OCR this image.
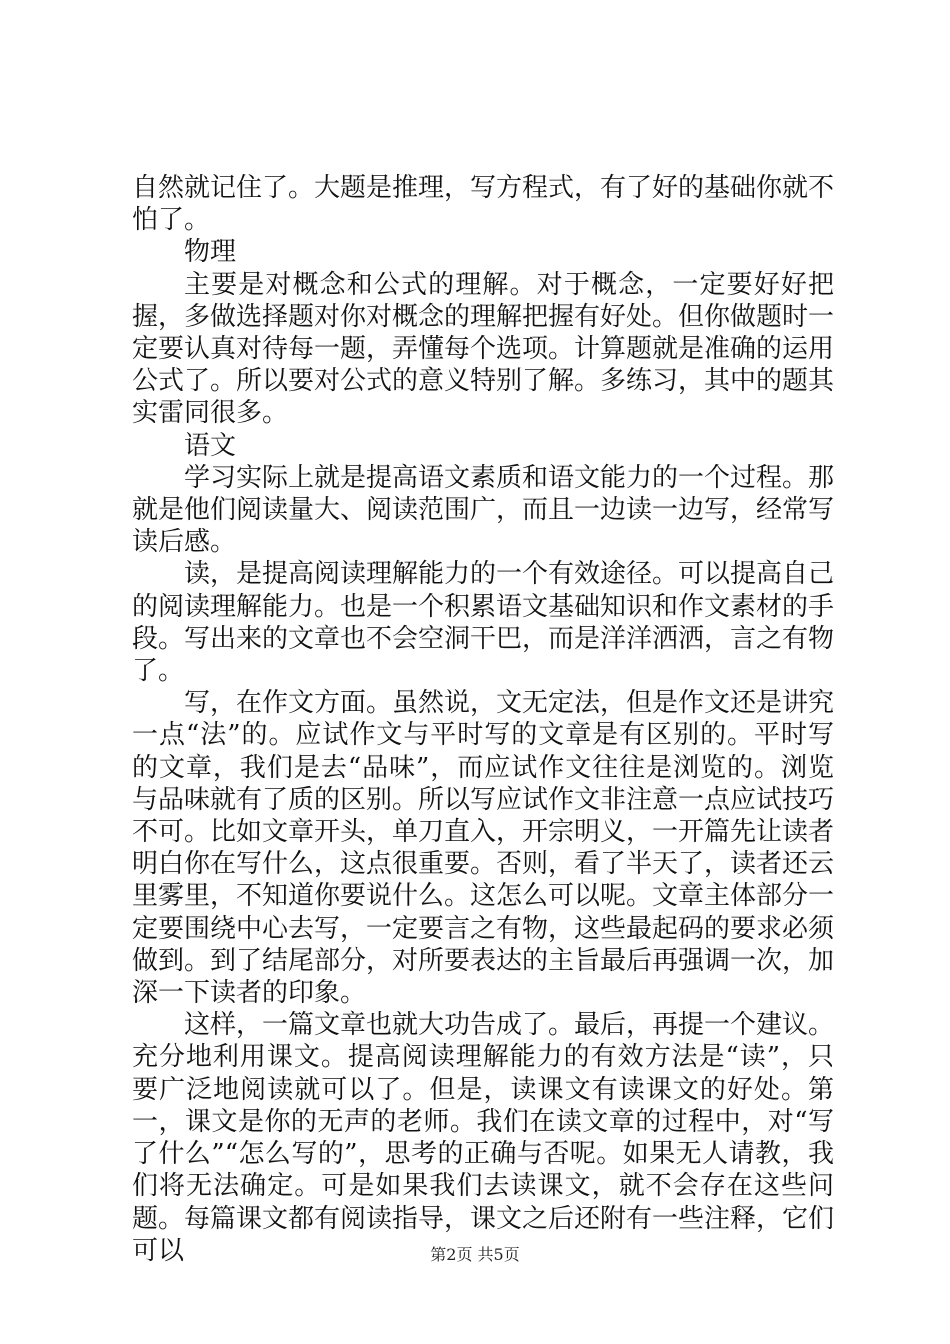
自然就记住了。大题是推理，写方程式，有了好的基础你就不怕了。

物理

主要是对概念和公式的理解。对于概念，一定要好好把握，多做选择题对你对概念的理解把握有好处。但你做题时一定要认真对待每一题，弄懂每个选项。计算题就是准确的运用公式了。所以要对公式的意义特别了解。多练习，其中的题其实雷同很多。

语文

学习实际上就是提高语文素质和语文能力的一个过程。那就是他们阅读量大、阅读范围广，而且一边读一边写，经常写读后感。

读，是提高阅读理解能力的一个有效途径。可以提高自己的阅读理解能力。也是一个积累语文基础知识和作文素材的手段。写出来的文章也不会空洞干巴，而是洋洋洒洒，言之有物了。

写，在作文方面。虽然说，文无定法，但是作文还是讲究一点“法”的。应试作文与平时写的文章是有区别的。平时写的文章，我们是去“品味”，而应试作文往往是浏览的。浏览与品味就有了质的区别。所以写应试作文非注意一点应试技巧不可。比如文章开头，单刀直入，开宗明义，一开篇先让读者明白你在写什么，这点很重要。否则，看了半天了，读者还云里雾里，不知道你要说什么。这怎么可以呢。文章主体部分一定要围绕中心去写，一定要言之有物，这些最起码的要求必须做到。到了结尾部分，对所要表达的主旨最后再强调一次，加深一下读者的印象。

这样，一篇文章也就大功告成了。最后，再提一个建议。充分地利用课文。提高阅读理解能力的有效方法是“读”，只要广泛地阅读就可以了。但是，读课文有读课文的好处。第一，课文是你的无声的老师。我们在读文章的过程中，对“写了什么”“怎么写的”，思考的正确与否呢。如果无人请教，我们将无法确定。可是如果我们去读课文，就不会存在这些问题。每篇课文都有阅读指导，课文之后还附有一些注释，它们可以	第2页 共5页
